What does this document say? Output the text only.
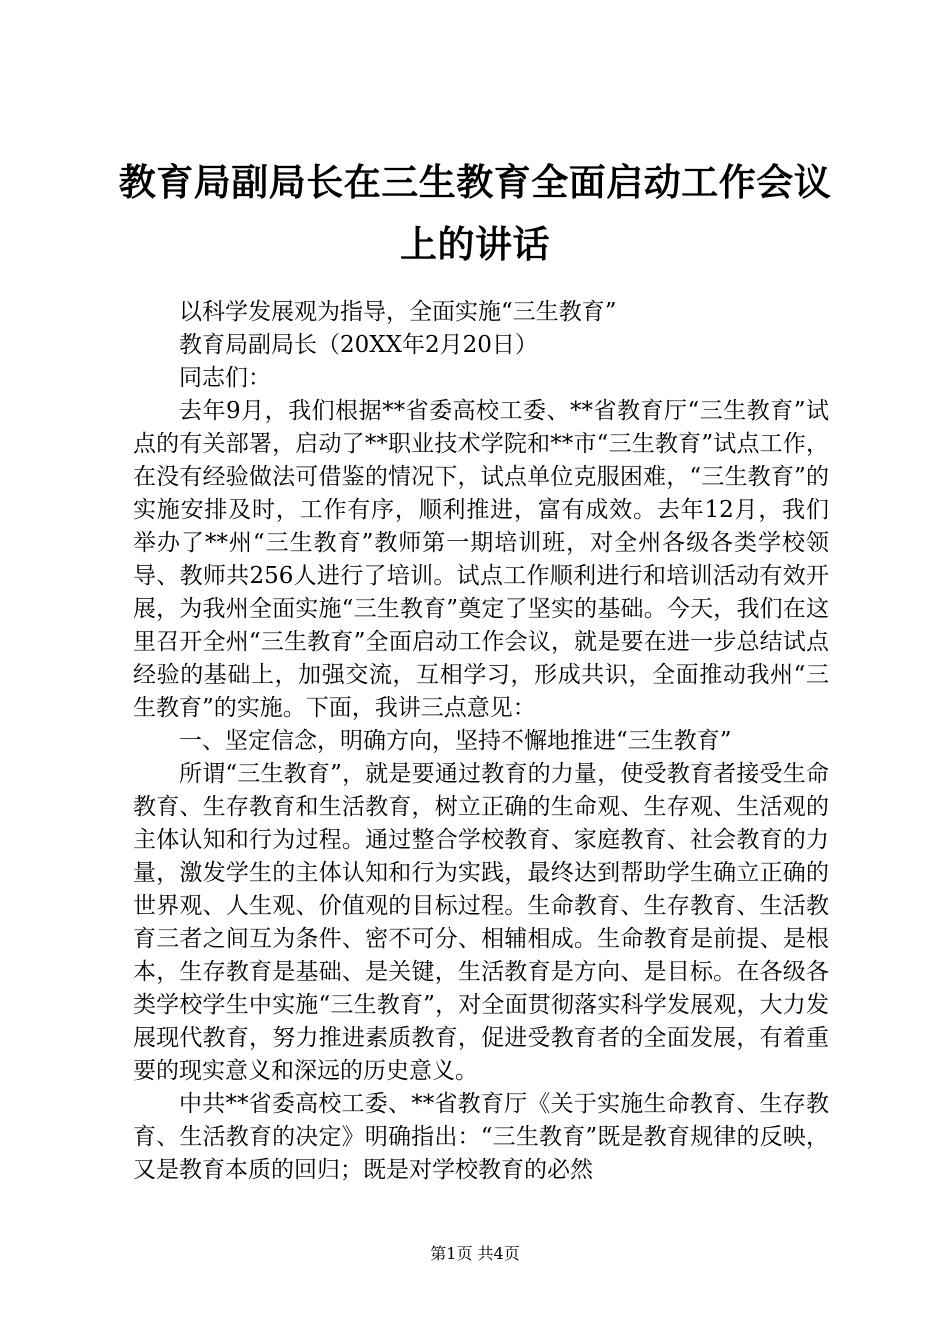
教育局副局长在三生教育全面启动工作会议上的讲话

以科学发展观为指导，全面实施“三生教育”

教育局副局长（20XX年2月20日）

同志们：

去年9月，我们根据**省委高校工委、**省教育厅“三生教育”试点的有关部署，启动了**职业技术学院和**市“三生教育”试点工作，在没有经验做法可借鉴的情况下，试点单位克服困难，“三生教育”的实施安排及时，工作有序，顺利推进，富有成效。去年12月，我们举办了**州“三生教育”教师第一期培训班，对全州各级各类学校领导、教师共256人进行了培训。试点工作顺利进行和培训活动有效开展，为我州全面实施“三生教育”奠定了坚实的基础。今天，我们在这里召开全州“三生教育”全面启动工作会议，就是要在进一步总结试点经验的基础上，加强交流，互相学习，形成共识，全面推动我州“三生教育”的实施。下面，我讲三点意见：

一、坚定信念，明确方向，坚持不懈地推进“三生教育”

所谓“三生教育”，就是要通过教育的力量，使受教育者接受生命教育、生存教育和生活教育，树立正确的生命观、生存观、生活观的主体认知和行为过程。通过整合学校教育、家庭教育、社会教育的力量，激发学生的主体认知和行为实践，最终达到帮助学生确立正确的世界观、人生观、价值观的目标过程。生命教育、生存教育、生活教育三者之间互为条件、密不可分、相辅相成。生命教育是前提、是根本，生存教育是基础、是关键，生活教育是方向、是目标。在各级各类学校学生中实施“三生教育”，对全面贯彻落实科学发展观，大力发展现代教育，努力推进素质教育，促进受教育者的全面发展，有着重要的现实意义和深远的历史意义。

中共**省委高校工委、**省教育厅《关于实施生命教育、生存教育、生活教育的决定》明确指出：“三生教育”既是教育规律的反映，又是教育本质的回归；既是对学校教育的必然

第1页 共4页
